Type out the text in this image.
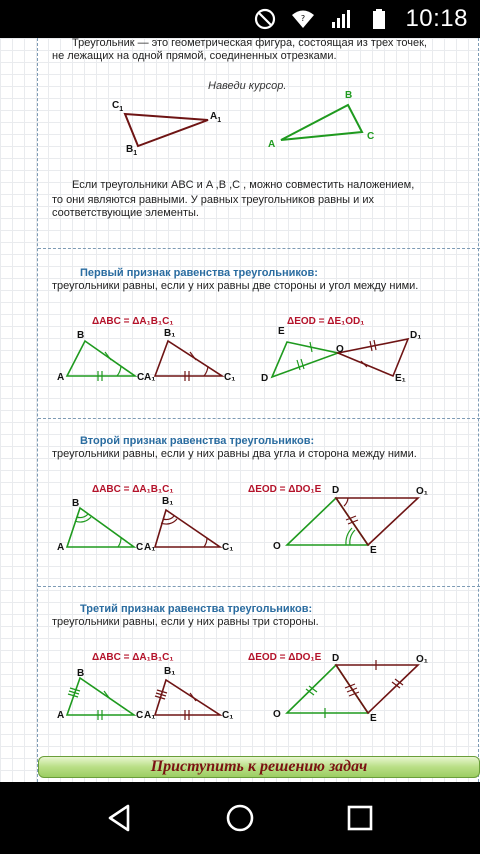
?	10:18
Треугольник — это геометрическая фигура, состоящая из трех точек,
не лежащих на одной прямой, соединенных отрезками.
Наведи курсор.
$C_1$
$A_1$
$B_1$
B
A
C
Если треугольники ABC и A ,B ,C , можно совместить наложением,
то они являются равными. У равных треугольников равны и их
соответствующие элементы.
Первый признак равенства треугольников:
треугольники равны, если у них равны две стороны и угол между ними.
ΔABC = ΔA₁B₁C₁	ΔEOD = ΔE₁OD₁
B
A	C
B₁
A₁	C₁
E
D
O
D₁
E₁
Второй признак равенства треугольников:
треугольники равны, если у них равны два угла и сторона между ними.
ΔABC = ΔA₁B₁C₁	ΔEOD = ΔDO₁E
B
A	C
B₁
A₁	C₁
D	O₁
O	E
Третий признак равенства треугольников:
треугольники равны, если у них равны три стороны.
ΔABC = ΔA₁B₁C₁	ΔEOD = ΔDO₁E
B
A	C
B₁
A₁	C₁
D	O₁
O	E
Приступить к решению задач
